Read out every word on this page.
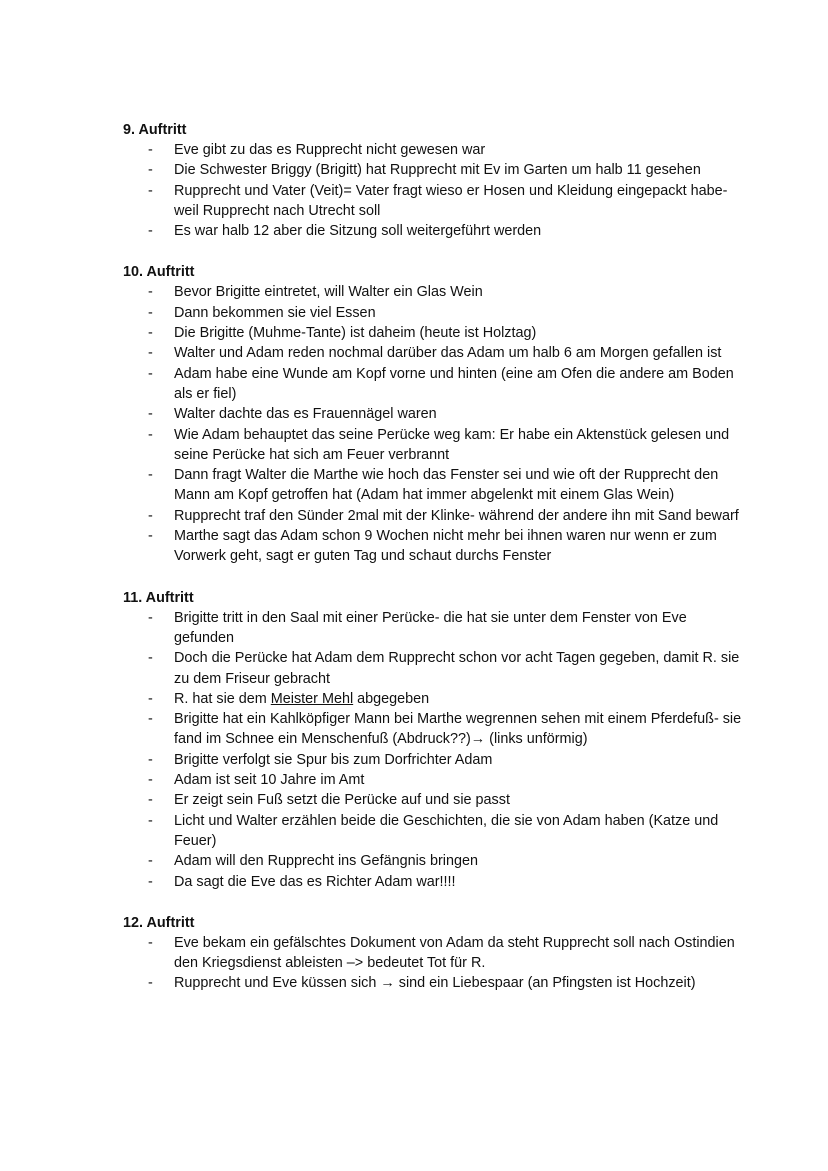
9. Auftritt

- Eve gibt zu das es Rupprecht nicht gewesen war
- Die Schwester Briggy (Brigitt) hat Rupprecht mit Ev im Garten um halb 11 gesehen
- Rupprecht und Vater (Veit)= Vater fragt wieso er Hosen und Kleidung eingepackt habe- weil Rupprecht nach Utrecht soll
- Es war halb 12 aber die Sitzung soll weitergeführt werden

10. Auftritt

- Bevor Brigitte eintretet, will Walter ein Glas Wein
- Dann bekommen sie viel Essen
- Die Brigitte (Muhme-Tante) ist daheim (heute ist Holztag)
- Walter und Adam reden nochmal darüber das Adam um halb 6 am Morgen gefallen ist
- Adam habe eine Wunde am Kopf vorne und hinten (eine am Ofen die andere am Boden als er fiel)
- Walter dachte das es Frauennägel waren
- Wie Adam behauptet das seine Perücke weg kam: Er habe ein Aktenstück gelesen und seine Perücke hat sich am Feuer verbrannt
- Dann fragt Walter die Marthe wie hoch das Fenster sei und wie oft der Rupprecht den Mann am Kopf getroffen hat (Adam hat immer abgelenkt mit einem Glas Wein)
- Rupprecht traf den Sünder 2mal mit der Klinke- während der andere ihn mit Sand bewarf
- Marthe sagt das Adam schon 9 Wochen nicht mehr bei ihnen waren nur wenn er zum Vorwerk geht, sagt er guten Tag und schaut durchs Fenster

11. Auftritt

- Brigitte tritt in den Saal mit einer Perücke- die hat sie unter dem Fenster von Eve gefunden
- Doch die Perücke hat Adam dem Rupprecht schon vor acht Tagen gegeben, damit R. sie zu dem Friseur gebracht
- R. hat sie dem Meister Mehl abgegeben
- Brigitte hat ein Kahlköpfiger Mann bei Marthe wegrennen sehen mit einem Pferdefuß- sie fand im Schnee ein Menschenfuß (Abdruck??)→ (links unförmig)
- Brigitte verfolgt sie Spur bis zum Dorfrichter Adam
- Adam ist seit 10 Jahre im Amt
- Er zeigt sein Fuß setzt die Perücke auf und sie passt
- Licht und Walter erzählen beide die Geschichten, die sie von Adam haben (Katze und Feuer)
- Adam will den Rupprecht ins Gefängnis bringen
- Da sagt die Eve das es Richter Adam war!!!!

12. Auftritt

- Eve bekam ein gefälschtes Dokument von Adam da steht Rupprecht soll nach Ostindien den Kriegsdienst ableisten –> bedeutet Tot für R.
- Rupprecht und Eve küssen sich → sind ein Liebespaar (an Pfingsten ist Hochzeit)
